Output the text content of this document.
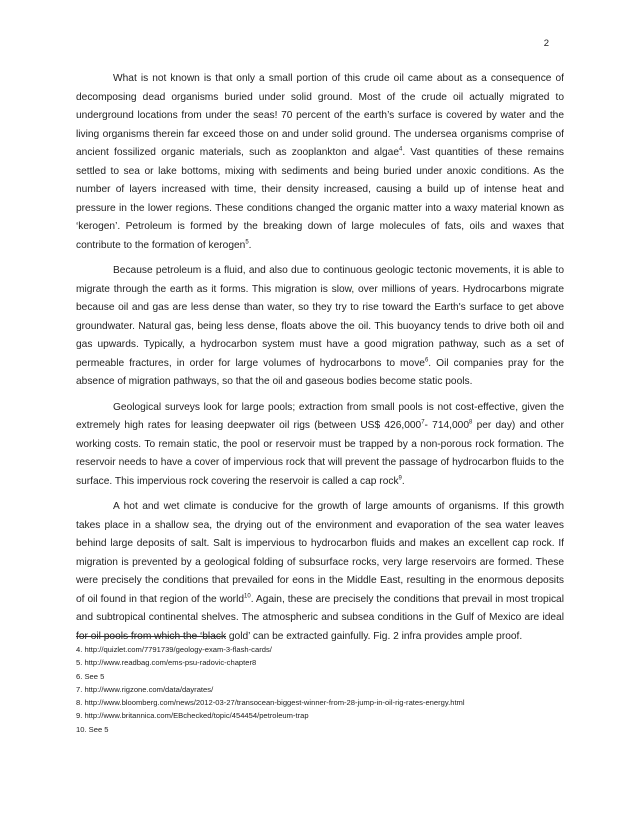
2

What is not known is that only a small portion of this crude oil came about as a consequence of decomposing dead organisms buried under solid ground. Most of the crude oil actually migrated to underground locations from under the seas! 70 percent of the earth’s surface is covered by water and the living organisms therein far exceed those on and under solid ground. The undersea organisms comprise of ancient fossilized organic materials, such as zooplankton and algae$^4$. Vast quantities of these remains settled to sea or lake bottoms, mixing with sediments and being buried under anoxic conditions. As the number of layers increased with time, their density increased, causing a build up of intense heat and pressure in the lower regions. These conditions changed the organic matter into a waxy material known as ‘kerogen’. Petroleum is formed by the breaking down of large molecules of fats, oils and waxes that contribute to the formation of kerogen$^5$.

Because petroleum is a fluid, and also due to continuous geologic tectonic movements, it is able to migrate through the earth as it forms. This migration is slow, over millions of years. Hydrocarbons migrate because oil and gas are less dense than water, so they try to rise toward the Earth's surface to get above groundwater. Natural gas, being less dense, floats above the oil. This buoyancy tends to drive both oil and gas upwards. Typically, a hydrocarbon system must have a good migration pathway, such as a set of permeable fractures, in order for large volumes of hydrocarbons to move$^6$. Oil companies pray for the absence of migration pathways, so that the oil and gaseous bodies become static pools.

Geological surveys look for large pools; extraction from small pools is not cost-effective, given the extremely high rates for leasing deepwater oil rigs (between US$ 426,000$^7$- 714,000$^8$ per day) and other working costs. To remain static, the pool or reservoir must be trapped by a non-porous rock formation. The reservoir needs to have a cover of impervious rock that will prevent the passage of hydrocarbon fluids to the surface. This impervious rock covering the reservoir is called a cap rock$^9$.

A hot and wet climate is conducive for the growth of large amounts of organisms. If this growth takes place in a shallow sea, the drying out of the environment and evaporation of the sea water leaves behind large deposits of salt. Salt is impervious to hydrocarbon fluids and makes an excellent cap rock. If migration is prevented by a geological folding of subsurface rocks, very large reservoirs are formed. These were precisely the conditions that prevailed for eons in the Middle East, resulting in the enormous deposits of oil found in that region of the world$^{10}$. Again, these are precisely the conditions that prevail in most tropical and subtropical continental shelves. The atmospheric and subsea conditions in the Gulf of Mexico are ideal for oil pools from which the ‘black gold’ can be extracted gainfully. Fig. 2 infra provides ample proof.

4. http://quizlet.com/7791739/geology-exam-3-flash-cards/
5. http://www.readbag.com/ems-psu-radovic-chapter8
6. See 5
7. http://www.rigzone.com/data/dayrates/
8. http://www.bloomberg.com/news/2012-03-27/transocean-biggest-winner-from-28-jump-in-oil-rig-rates-energy.html
9. http://www.britannica.com/EBchecked/topic/454454/petroleum-trap
10. See 5
